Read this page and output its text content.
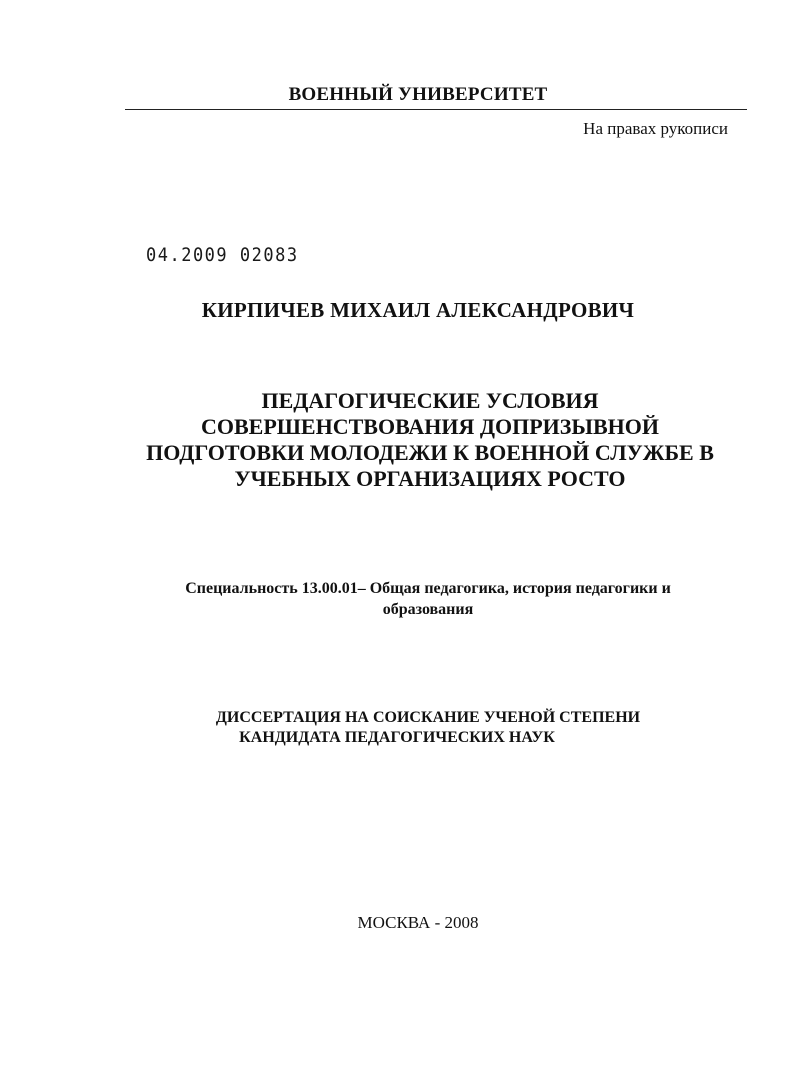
ВОЕННЫЙ УНИВЕРСИТЕТ
На правах рукописи
04.2009 02083
КИРПИЧЕВ МИХАИЛ АЛЕКСАНДРОВИЧ
ПЕДАГОГИЧЕСКИЕ УСЛОВИЯ
СОВЕРШЕНСТВОВАНИЯ ДОПРИЗЫВНОЙ
ПОДГОТОВКИ МОЛОДЕЖИ К ВОЕННОЙ СЛУЖБЕ В
УЧЕБНЫХ ОРГАНИЗАЦИЯХ РОСТО
Специальность 13.00.01– Общая педагогика, история педагогики и
образования
ДИССЕРТАЦИЯ НА СОИСКАНИЕ УЧЕНОЙ СТЕПЕНИ
КАНДИДАТА ПЕДАГОГИЧЕСКИХ НАУК
МОСКВА - 2008
